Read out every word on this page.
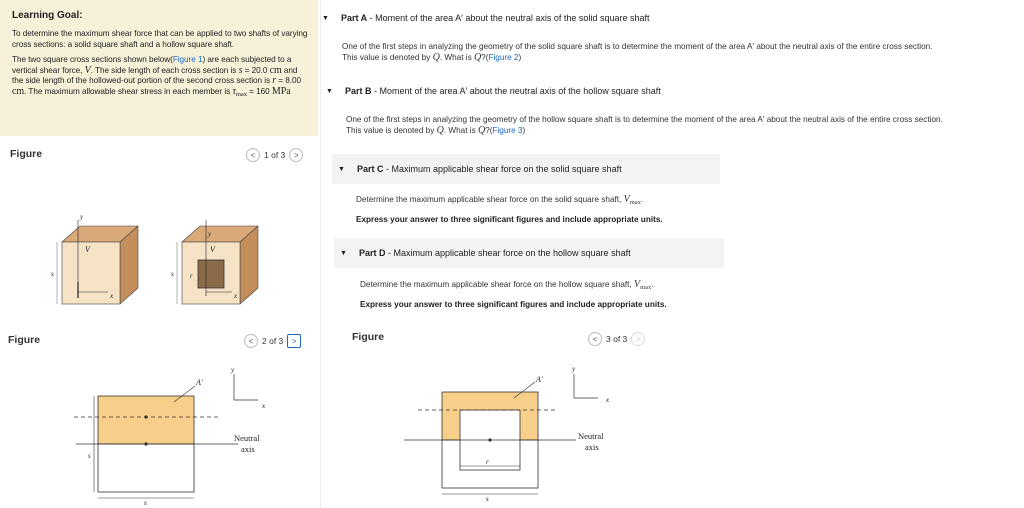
Learning Goal:

To determine the maximum shear force that can be applied to two shafts of varying cross sections: a solid square shaft and a hollow square shaft.

The two square cross sections shown below(Figure 1) are each subjected to a vertical shear force, V. The side length of each cross section is s = 20.0 cm and the side length of the hollowed-out portion of the second cross section is r = 8.00 cm. The maximum allowable shear stress in each member is $\tau_{max} = 160$ MPa

Figure	<	1 of 3	>
V
x
y
s
V
x
y
s r
Figure	<	2 of 3	>
A′
y
x
Neutral
axis
s
s
▼ Part A - Moment of the area A′ about the neutral axis of the solid square shaft
One of the first steps in analyzing the geometry of the solid square shaft is to determine the moment of the area A′ about the neutral axis of the entire cross section.
This value is denoted by Q. What is Q?(Figure 2)
▼ Part B - Moment of the area A′ about the neutral axis of the hollow square shaft
One of the first steps in analyzing the geometry of the hollow square shaft is to determine the moment of the area A′ about the neutral axis of the entire cross section.
This value is denoted by Q. What is Q?(Figure 3)
▼ Part C - Maximum applicable shear force on the solid square shaft
Determine the maximum applicable shear force on the solid square shaft, $V_{max}$.
Express your answer to three significant figures and include appropriate units.
▼ Part D - Maximum applicable shear force on the hollow square shaft
Determine the maximum applicable shear force on the hollow square shaft, $V_{max}$.
Express your answer to three significant figures and include appropriate units.
Figure	<	3 of 3	>
A′
y
x
Neutral
axis
r
s
